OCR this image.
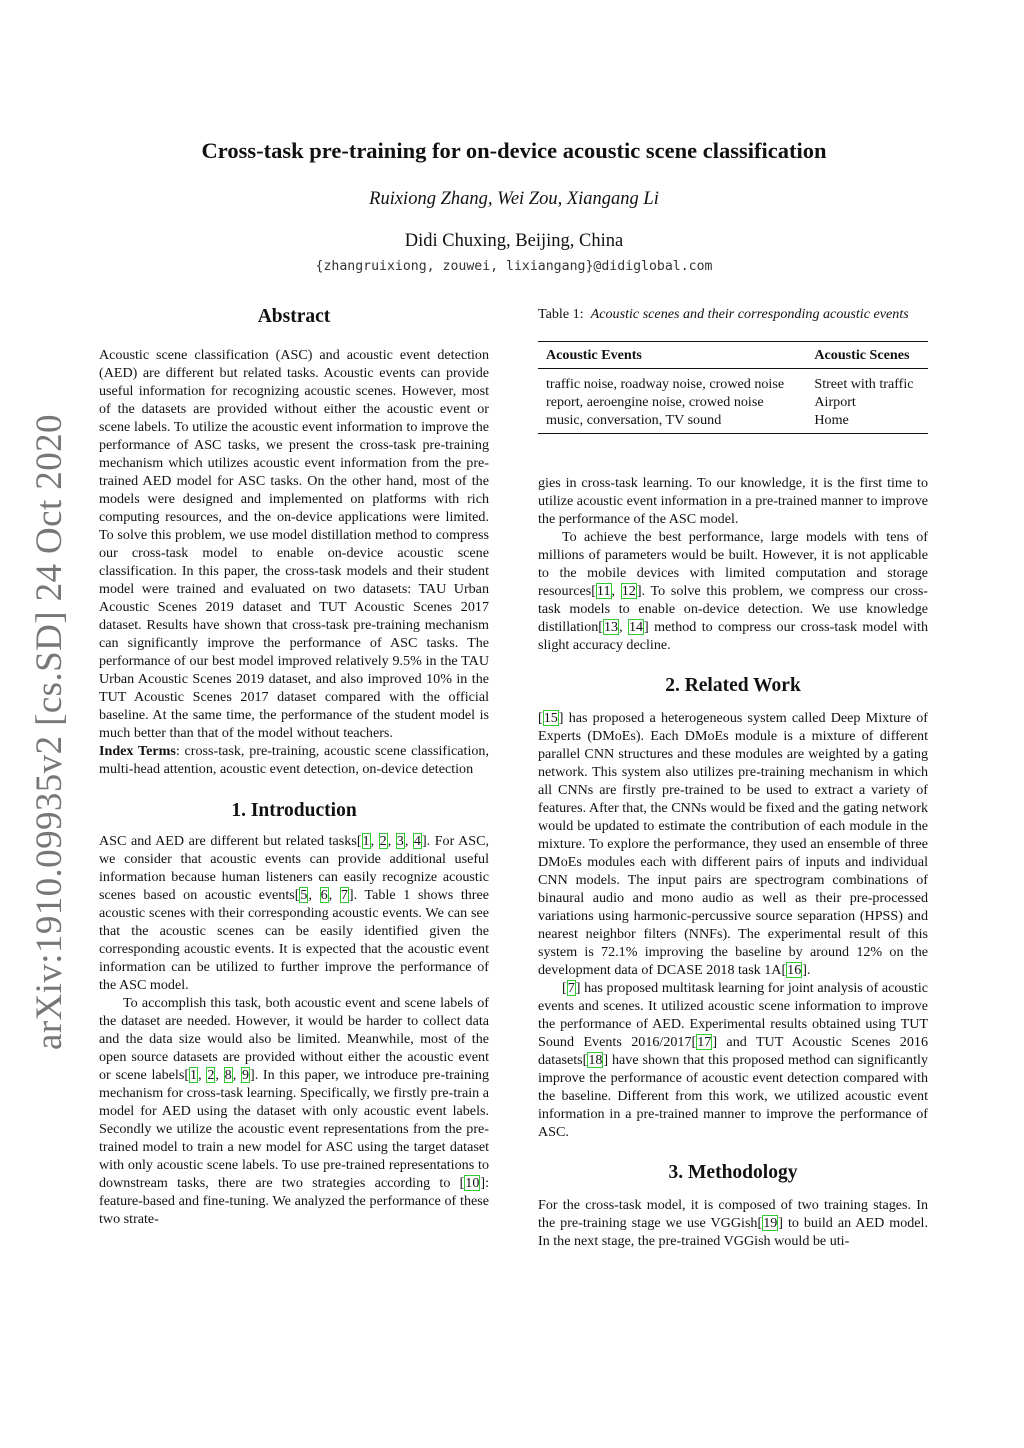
arXiv:1910.09935v2 [cs.SD] 24 Oct 2020
Cross-task pre-training for on-device acoustic scene classification
Ruixiong Zhang, Wei Zou, Xiangang Li
Didi Chuxing, Beijing, China
{zhangruixiong, zouwei, lixiangang}@didiglobal.com
Abstract

Acoustic scene classification (ASC) and acoustic event detection (AED) are different but related tasks. Acoustic events can provide useful information for recognizing acoustic scenes. However, most of the datasets are provided without either the acoustic event or scene labels. To utilize the acoustic event information to improve the performance of ASC tasks, we present the cross-task pre-training mechanism which utilizes acoustic event information from the pre-trained AED model for ASC tasks. On the other hand, most of the models were designed and implemented on platforms with rich computing resources, and the on-device applications were limited. To solve this problem, we use model distillation method to compress our cross-task model to enable on-device acoustic scene classification. In this paper, the cross-task models and their student model were trained and evaluated on two datasets: TAU Urban Acoustic Scenes 2019 dataset and TUT Acoustic Scenes 2017 dataset. Results have shown that cross-task pre-training mechanism can significantly improve the performance of ASC tasks. The performance of our best model improved relatively 9.5% in the TAU Urban Acoustic Scenes 2019 dataset, and also improved 10% in the TUT Acoustic Scenes 2017 dataset compared with the official baseline. At the same time, the performance of the student model is much better than that of the model without teachers.

Index Terms: cross-task, pre-training, acoustic scene classification, multi-head attention, acoustic event detection, on-device detection

1. Introduction

ASC and AED are different but related tasks[1, 2, 3, 4]. For ASC, we consider that acoustic events can provide additional useful information because human listeners can easily recognize acoustic scenes based on acoustic events[5, 6, 7]. Table 1 shows three acoustic scenes with their corresponding acoustic events. We can see that the acoustic scenes can be easily identified given the corresponding acoustic events. It is expected that the acoustic event information can be utilized to further improve the performance of the ASC model.

To accomplish this task, both acoustic event and scene labels of the dataset are needed. However, it would be harder to collect data and the data size would also be limited. Meanwhile, most of the open source datasets are provided without either the acoustic event or scene labels[1, 2, 8, 9]. In this paper, we introduce pre-training mechanism for cross-task learning. Specifically, we firstly pre-train a model for AED using the dataset with only acoustic event labels. Secondly we utilize the acoustic event representations from the pre-trained model to train a new model for ASC using the target dataset with only acoustic scene labels. To use pre-trained representations to downstream tasks, there are two strategies according to [10]: feature-based and fine-tuning. We analyzed the performance of these two strate-

Table 1: Acoustic scenes and their corresponding acoustic events
Acoustic Events	Acoustic Scenes
traffic noise, roadway noise, crowed noise	Street with traffic
report, aeroengine noise, crowed noise	Airport
music, conversation, TV sound	Home

gies in cross-task learning. To our knowledge, it is the first time to utilize acoustic event information in a pre-trained manner to improve the performance of the ASC model.

To achieve the best performance, large models with tens of millions of parameters would be built. However, it is not applicable to the mobile devices with limited computation and storage resources[11, 12]. To solve this problem, we compress our cross-task models to enable on-device detection. We use knowledge distillation[13, 14] method to compress our cross-task model with slight accuracy decline.

2. Related Work

[15] has proposed a heterogeneous system called Deep Mixture of Experts (DMoEs). Each DMoEs module is a mixture of different parallel CNN structures and these modules are weighted by a gating network. This system also utilizes pre-training mechanism in which all CNNs are firstly pre-trained to be used to extract a variety of features. After that, the CNNs would be fixed and the gating network would be updated to estimate the contribution of each module in the mixture. To explore the performance, they used an ensemble of three DMoEs modules each with different pairs of inputs and individual CNN models. The input pairs are spectrogram combinations of binaural audio and mono audio as well as their pre-processed variations using harmonic-percussive source separation (HPSS) and nearest neighbor filters (NNFs). The experimental result of this system is 72.1% improving the baseline by around 12% on the development data of DCASE 2018 task 1A[16].

[7] has proposed multitask learning for joint analysis of acoustic events and scenes. It utilized acoustic scene information to improve the performance of AED. Experimental results obtained using TUT Sound Events 2016/2017[17] and TUT Acoustic Scenes 2016 datasets[18] have shown that this proposed method can significantly improve the performance of acoustic event detection compared with the baseline. Different from this work, we utilized acoustic event information in a pre-trained manner to improve the performance of ASC.

3. Methodology

For the cross-task model, it is composed of two training stages. In the pre-training stage we use VGGish[19] to build an AED model. In the next stage, the pre-trained VGGish would be uti-
